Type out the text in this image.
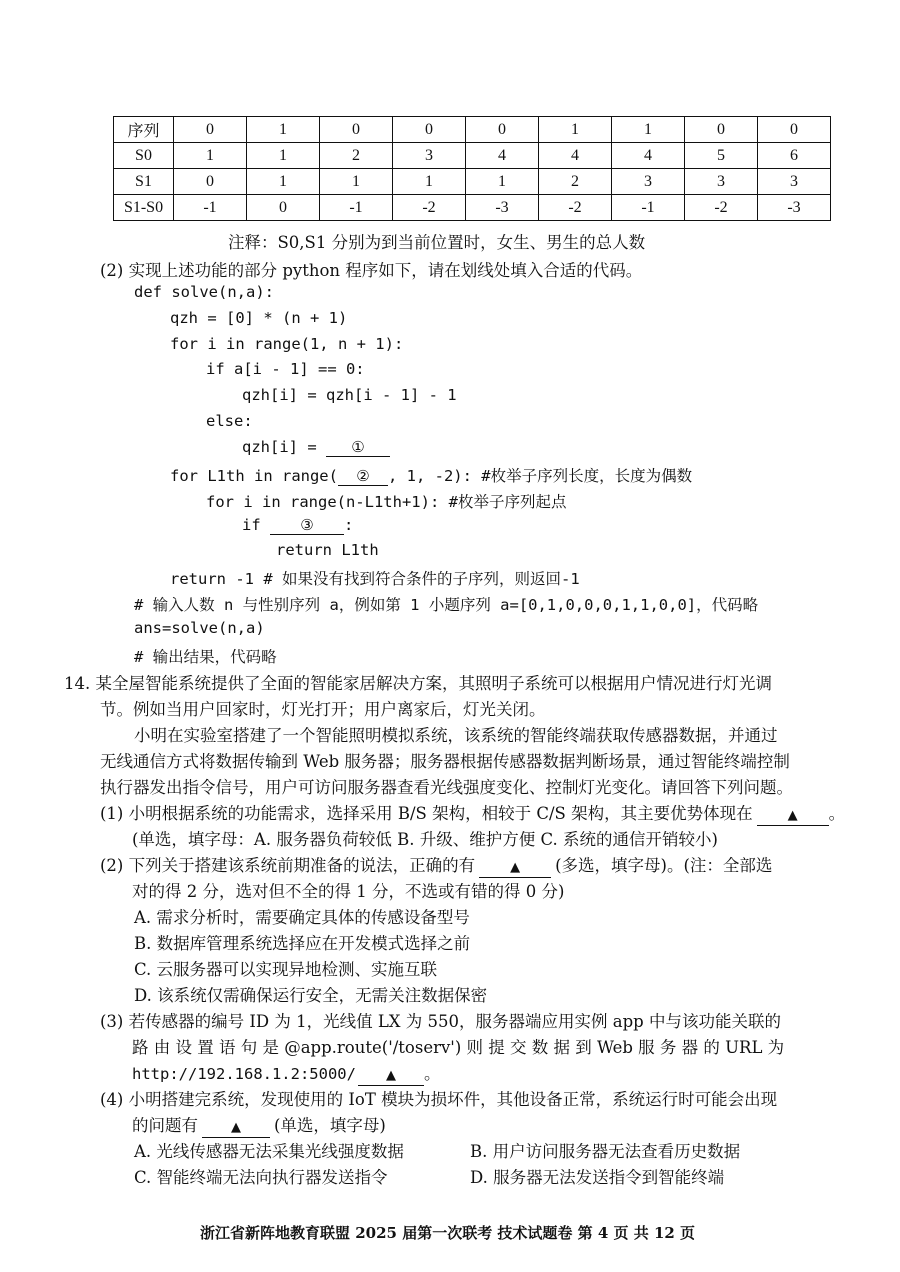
序列	0	1	0	0	0	1	1	0	0
S0	1	1	2	3	4	4	4	5	6
S1	0	1	1	1	1	2	3	3	3
S1-S0	-1	0	-1	-2	-3	-2	-1	-2	-3
注释：S0,S1 分别为到当前位置时，女生、男生的总人数
(2) 实现上述功能的部分 python 程序如下，请在划线处填入合适的代码。
def solve(n,a):
qzh = [0] * (n + 1)
for i in range(1, n + 1):
if a[i - 1] == 0:
qzh[i] = qzh[i - 1] - 1
else:
qzh[i] = ①
for L1th in range( ② , 1, -2): #枚举子序列长度，长度为偶数
for i in range(n-L1th+1): #枚举子序列起点
if ③ :
return L1th
return -1 # 如果没有找到符合条件的子序列，则返回-1
# 输入人数 n 与性别序列 a，例如第 1 小题序列 a=[0,1,0,0,0,1,1,0,0]，代码略
ans=solve(n,a)
# 输出结果，代码略
14. 某全屋智能系统提供了全面的智能家居解决方案，其照明子系统可以根据用户情况进行灯光调
节。例如当用户回家时，灯光打开；用户离家后，灯光关闭。
小明在实验室搭建了一个智能照明模拟系统，该系统的智能终端获取传感器数据，并通过
无线通信方式将数据传输到 Web 服务器；服务器根据传感器数据判断场景，通过智能终端控制
执行器发出指令信号，用户可访问服务器查看光线强度变化、控制灯光变化。请回答下列问题。
(1) 小明根据系统的功能需求，选择采用 B/S 架构，相较于 C/S 架构，其主要优势体现在	▲ 。
(单选，填字母：A. 服务器负荷较低 B. 升级、维护方便 C. 系统的通信开销较小)
(2) 下列关于搭建该系统前期准备的说法，正确的有	▲ (多选，填字母)。(注：全部选
对的得 2 分，选对但不全的得 1 分，不选或有错的得 0 分)
A. 需求分析时，需要确定具体的传感设备型号
B. 数据库管理系统选择应在开发模式选择之前
C. 云服务器可以实现异地检测、实施互联
D. 该系统仅需确保运行安全，无需关注数据保密
(3) 若传感器的编号 ID 为 1，光线值 LX 为 550，服务器端应用实例 app 中与该功能关联的
路 由 设 置 语 句 是 @app.route('/toserv') 则 提 交 数 据 到 Web 服 务 器 的 URL 为
http://192.168.1.2:5000/ ▲ 。
(4) 小明搭建完系统，发现使用的 IoT 模块为损坏件，其他设备正常，系统运行时可能会出现
的问题有	▲ (单选，填字母)
A. 光线传感器无法采集光线强度数据	B. 用户访问服务器无法查看历史数据
C. 智能终端无法向执行器发送指令	D. 服务器无法发送指令到智能终端
浙江省新阵地教育联盟 2025 届第一次联考 技术试题卷 第 4 页 共 12 页
